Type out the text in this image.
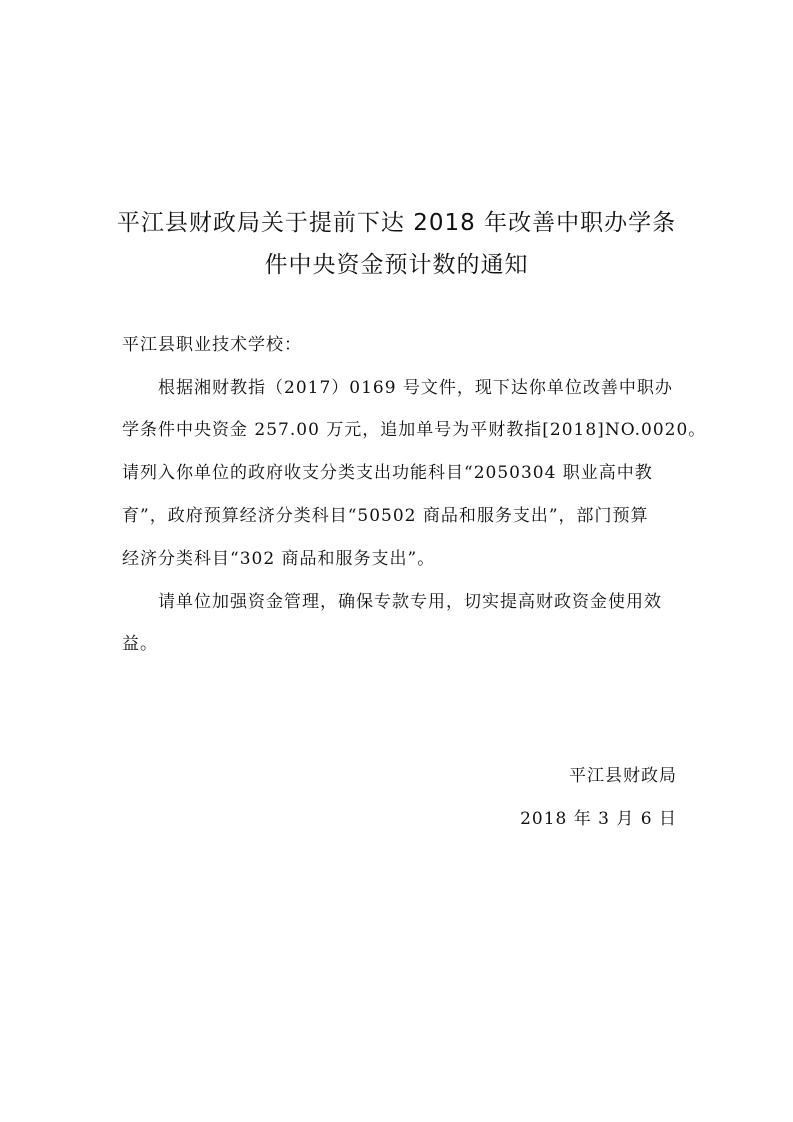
平江县财政局关于提前下达 2018 年改善中职办学条
件中央资金预计数的通知
平江县职业技术学校：
根据湘财教指（2017）0169 号文件，现下达你单位改善中职办
学条件中央资金 257.00 万元，追加单号为平财教指[2018]NO.0020。
请列入你单位的政府收支分类支出功能科目“2050304 职业高中教
育”，政府预算经济分类科目“50502 商品和服务支出”，部门预算
经济分类科目“302 商品和服务支出”。
请单位加强资金管理，确保专款专用，切实提高财政资金使用效
益。
平江县财政局
2018 年 3 月 6 日
